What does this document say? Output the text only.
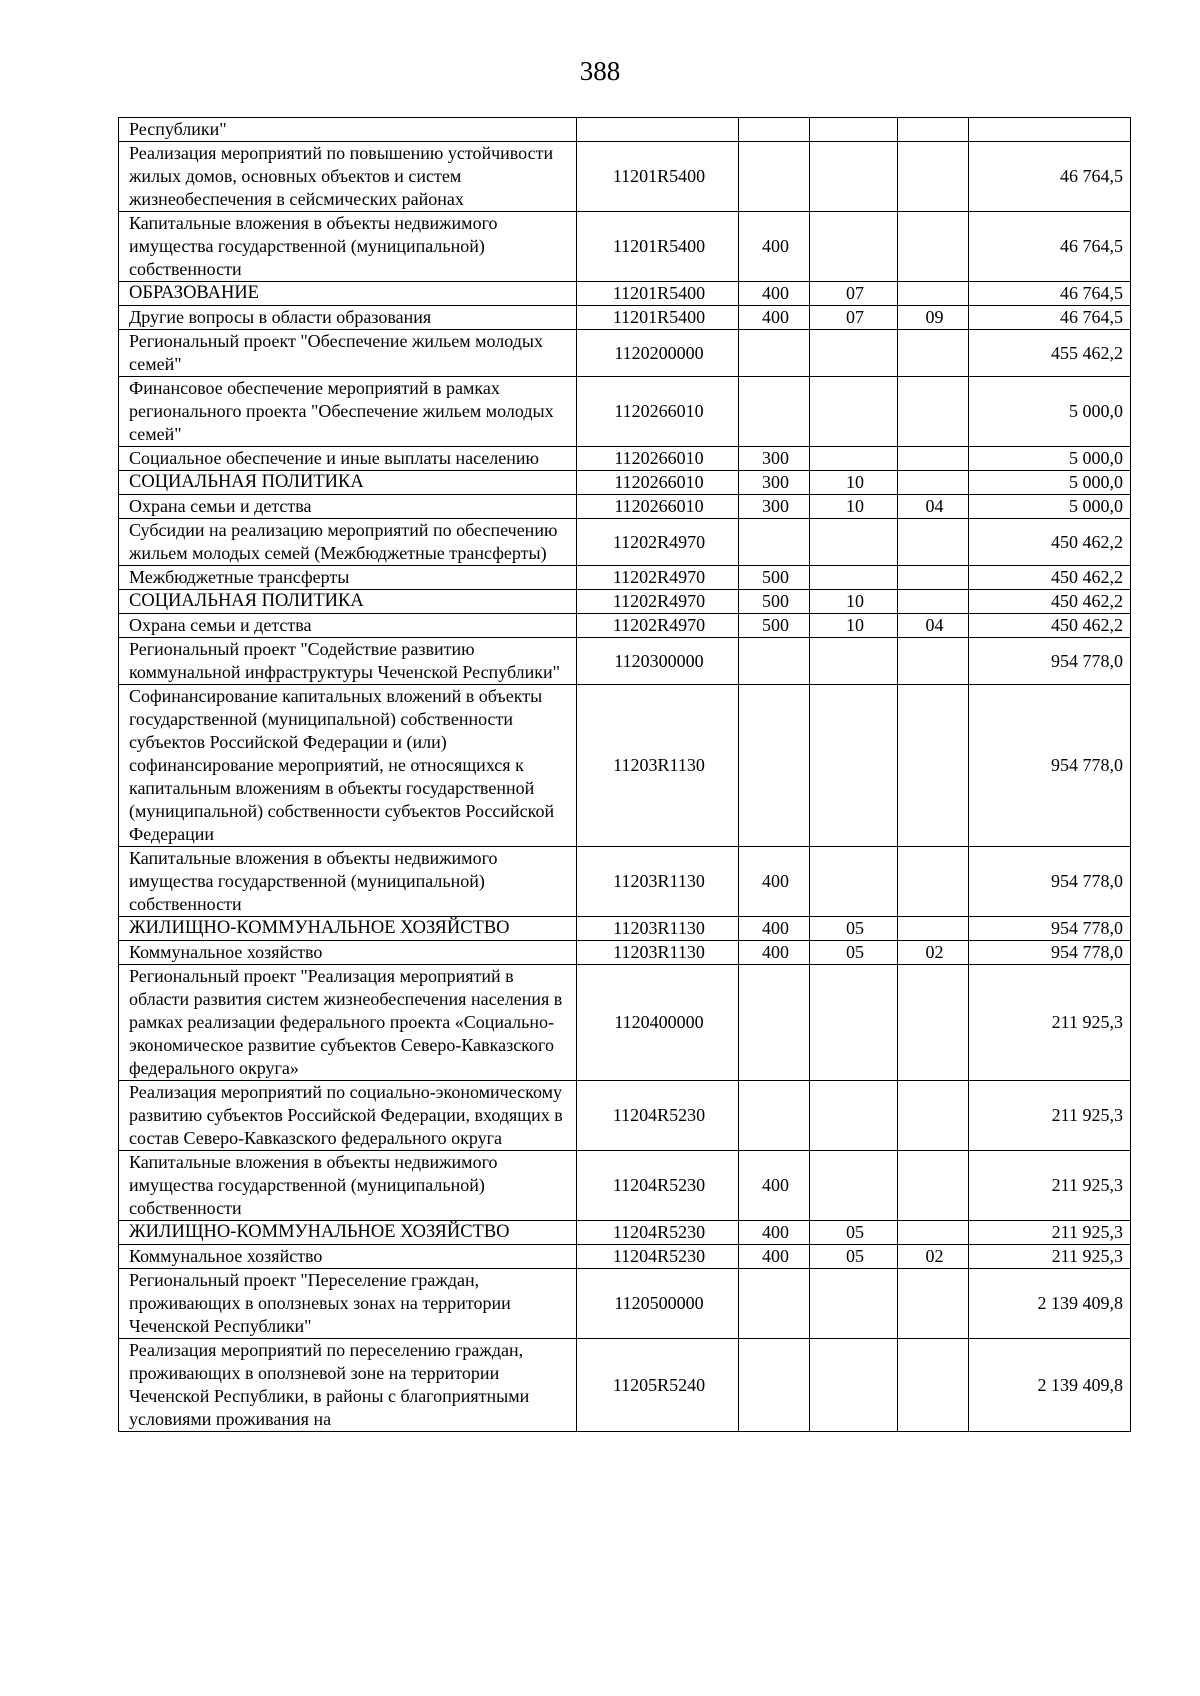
388
Республики"					
Реализация мероприятий по повышению устойчивости жилых домов, основных объектов и систем жизнеобеспечения в сейсмических районах	11201R5400				46 764,5
Капитальные вложения в объекты недвижимого имущества государственной (муниципальной) собственности	11201R5400	400			46 764,5
ОБРАЗОВАНИЕ	11201R5400	400	07		46 764,5
Другие вопросы в области образования	11201R5400	400	07	09	46 764,5
Региональный проект "Обеспечение жильем молодых семей"	1120200000				455 462,2
Финансовое обеспечение мероприятий в рамках регионального проекта "Обеспечение жильем молодых семей"	1120266010				5 000,0
Социальное обеспечение и иные выплаты населению	1120266010	300			5 000,0
СОЦИАЛЬНАЯ ПОЛИТИКА	1120266010	300	10		5 000,0
Охрана семьи и детства	1120266010	300	10	04	5 000,0
Субсидии на реализацию мероприятий по обеспечению жильем молодых семей (Межбюджетные трансферты)	11202R4970				450 462,2
Межбюджетные трансферты	11202R4970	500			450 462,2
СОЦИАЛЬНАЯ ПОЛИТИКА	11202R4970	500	10		450 462,2
Охрана семьи и детства	11202R4970	500	10	04	450 462,2
Региональный проект "Содействие развитию коммунальной инфраструктуры Чеченской Республики"	1120300000				954 778,0
Софинансирование капитальных вложений в объекты государственной (муниципальной) собственности субъектов Российской Федерации и (или) софинансирование мероприятий, не относящихся к капитальным вложениям в объекты государственной (муниципальной) собственности субъектов Российской Федерации	11203R1130				954 778,0
Капитальные вложения в объекты недвижимого имущества государственной (муниципальной) собственности	11203R1130	400			954 778,0
ЖИЛИЩНО-КОММУНАЛЬНОЕ ХОЗЯЙСТВО	11203R1130	400	05		954 778,0
Коммунальное хозяйство	11203R1130	400	05	02	954 778,0
Региональный проект "Реализация мероприятий в области развития систем жизнеобеспечения населения в рамках реализации федерального проекта «Социально-экономическое развитие субъектов Северо-Кавказского федерального округа»	1120400000				211 925,3
Реализация мероприятий по социально-экономическому развитию субъектов Российской Федерации, входящих в состав Северо-Кавказского федерального округа	11204R5230				211 925,3
Капитальные вложения в объекты недвижимого имущества государственной (муниципальной) собственности	11204R5230	400			211 925,3
ЖИЛИЩНО-КОММУНАЛЬНОЕ ХОЗЯЙСТВО	11204R5230	400	05		211 925,3
Коммунальное хозяйство	11204R5230	400	05	02	211 925,3
Региональный проект "Переселение граждан, проживающих в оползневых зонах на территории Чеченской Республики"	1120500000				2 139 409,8
Реализация мероприятий по переселению граждан, проживающих в оползневой зоне на территории Чеченской Республики, в районы с благоприятными условиями проживания на	11205R5240				2 139 409,8
